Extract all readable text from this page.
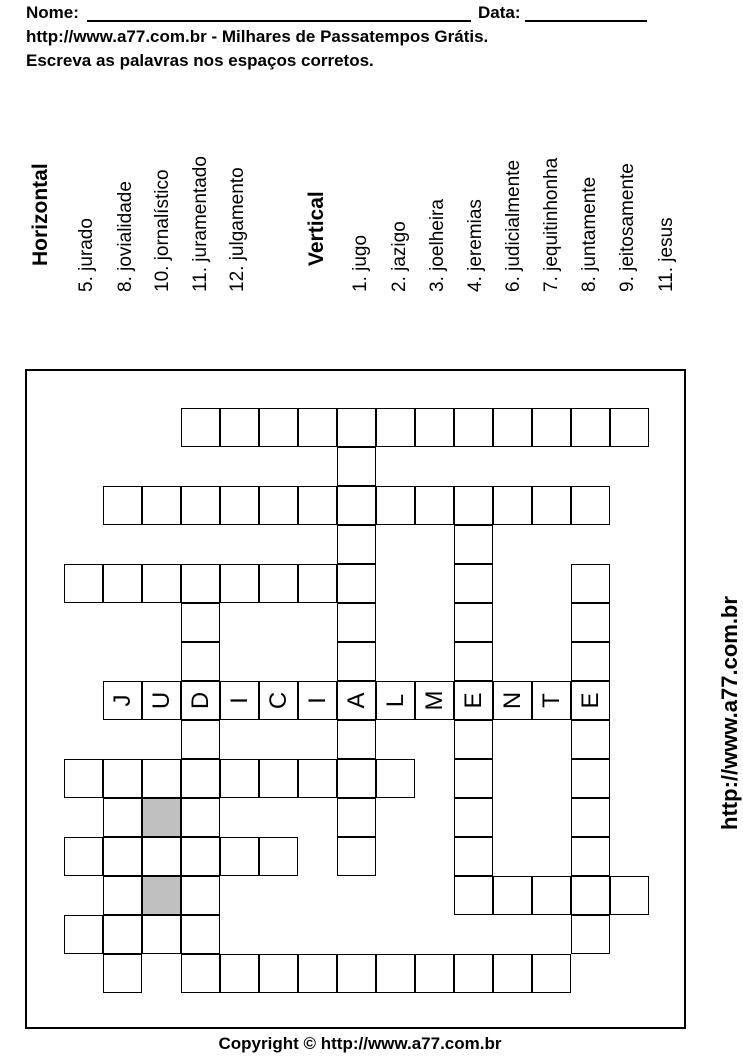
Nome:	Data:
http://www.a77.com.br - Milhares de Passatempos Grátis.
Escreva as palavras nos espaços corretos.
Horizontal 5. jurado 8. jovialidade 10. jornalístico 11. juramentado 12. julgamento	Vertical 1. jugo 2. jazigo 3. joelheira 4. jeremias 6. judicialmente 7. jequitinhonha 8. juntamente 9. jeitosamente 11. jesus
J U D I C I A L M E N T E	http://www.a77.com.br
Copyright © http://www.a77.com.br
